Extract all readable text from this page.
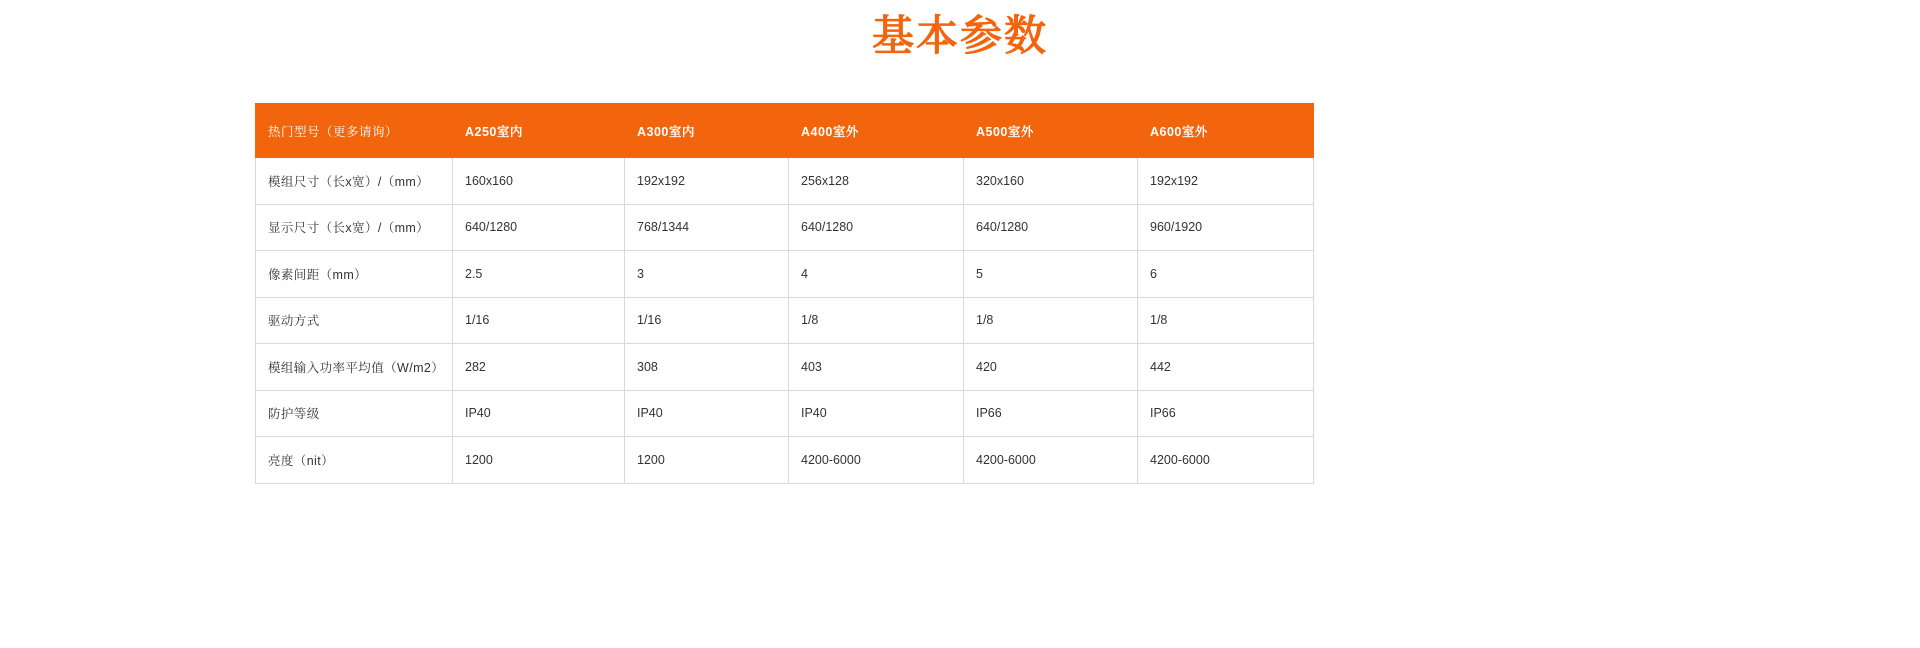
基本参数
热门型号（更多请询）	A250室内	A300室内	A400室外	A500室外	A600室外
模组尺寸（长x宽）/（mm）	160x160	192x192	256x128	320x160	192x192
显示尺寸（长x宽）/（mm）	640/1280	768/1344	640/1280	640/1280	960/1920
像素间距（mm）	2.5	3	4	5	6
驱动方式	1/16	1/16	1/8	1/8	1/8
模组输入功率平均值（W/m2）	282	308	403	420	442
防护等级	IP40	IP40	IP40	IP66	IP66
亮度（nit）	1200	1200	4200-6000	4200-6000	4200-6000
